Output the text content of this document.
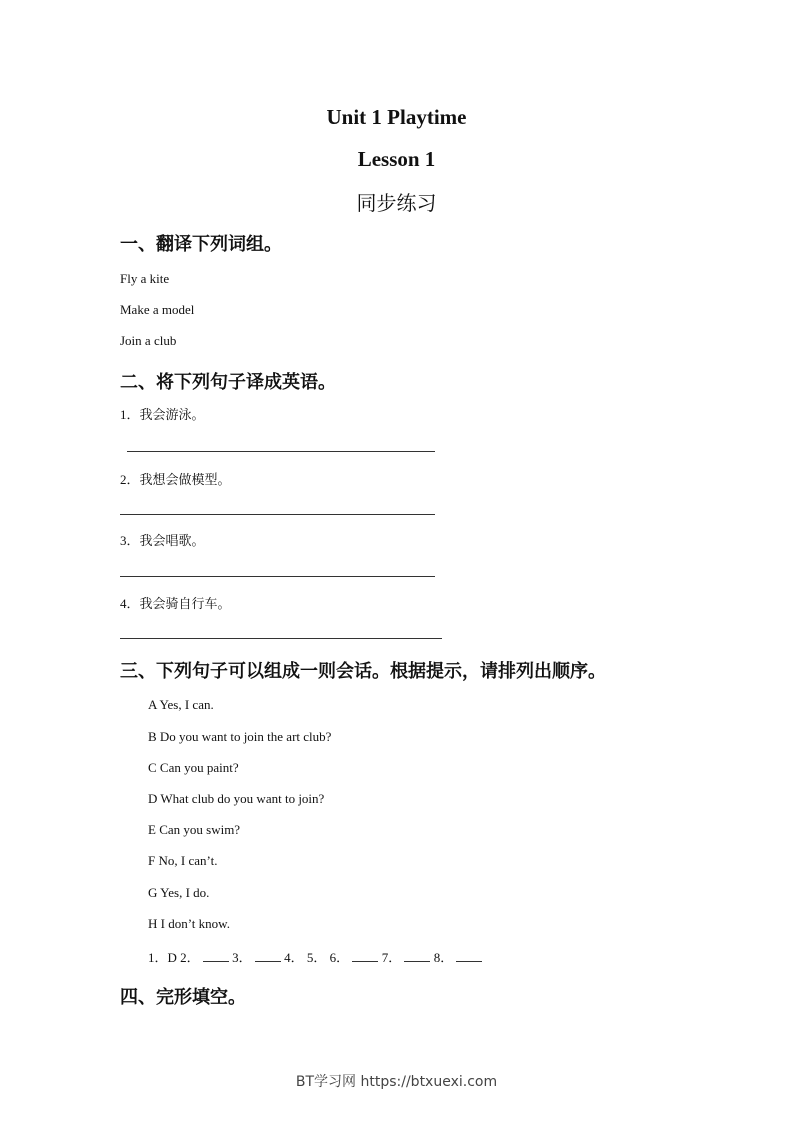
Unit 1 Playtime
Lesson 1
同步练习
一、翻译下列词组。
Fly a kite
Make a model
Join a club
二、将下列句子译成英语。
1．我会游泳。
2．我想会做模型。
3．我会唱歌。
4．我会骑自行车。
三、下列句子可以组成一则会话。根据提示，请排列出顺序。
A Yes, I can.
B Do you want to join the art club?
C Can you paint?
D What club do you want to join?
E Can you swim?
F No, I can’t.
G Yes, I do.
H I don’t know.
1．D 2．	3．	4． 5． 6．	7．	8．
四、完形填空。
BT学习网 https://btxuexi.com
